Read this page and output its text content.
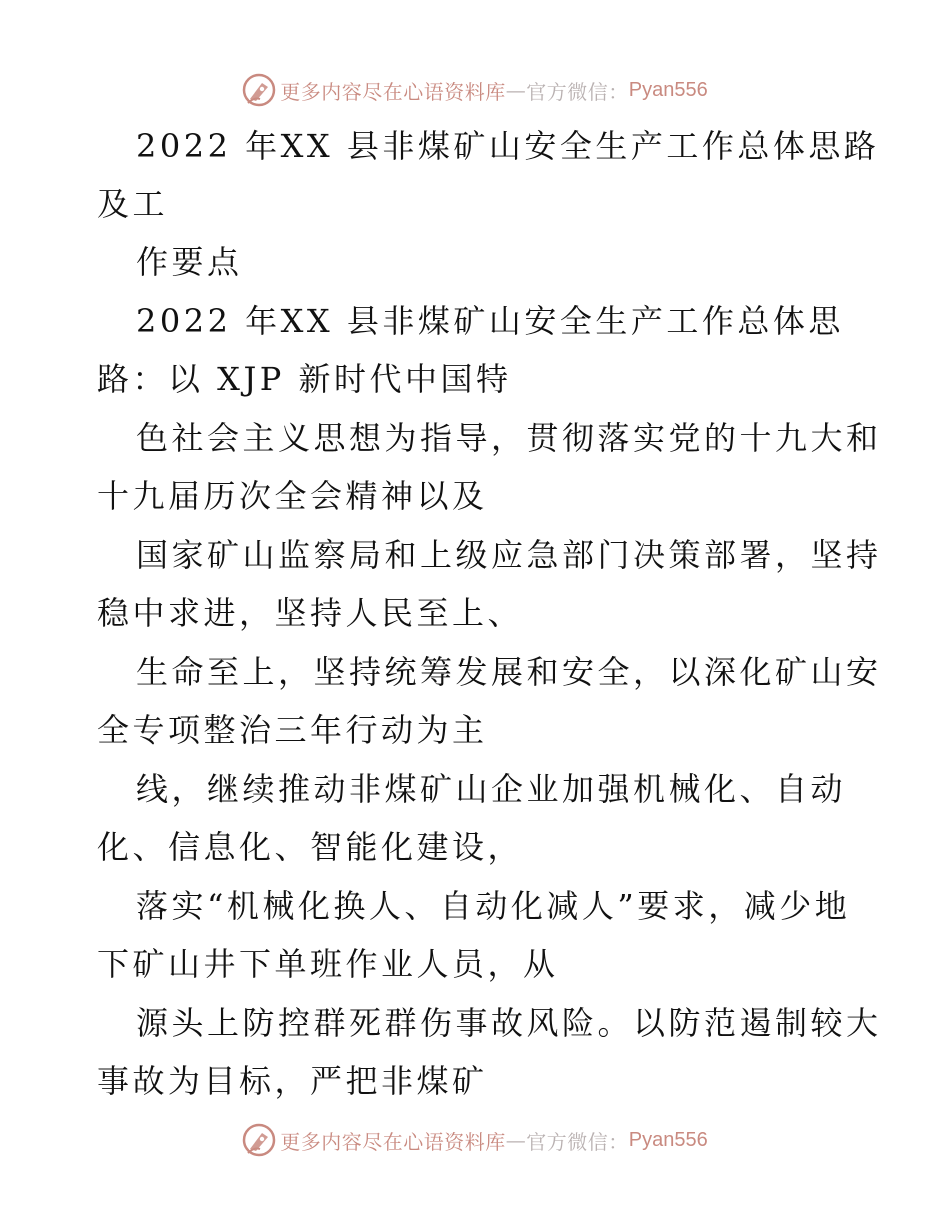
更多内容尽在心语资料库 — 官方微信： Pyan556
2022 年XX 县非煤矿山安全生产工作总体思路
及工
作要点
2022 年XX 县非煤矿山安全生产工作总体思
路：以 XJP 新时代中国特
色社会主义思想为指导，贯彻落实党的十九大和
十九届历次全会精神以及
国家矿山监察局和上级应急部门决策部署，坚持
稳中求进，坚持人民至上、
生命至上，坚持统筹发展和安全，以深化矿山安
全专项整治三年行动为主
线，继续推动非煤矿山企业加强机械化、自动
化、信息化、智能化建设，
落实“机械化换人、自动化减人”要求，减少地
下矿山井下单班作业人员，从
源头上防控群死群伤事故风险。以防范遏制较大
事故为目标，严把非煤矿
更多内容尽在心语资料库 — 官方微信： Pyan556
